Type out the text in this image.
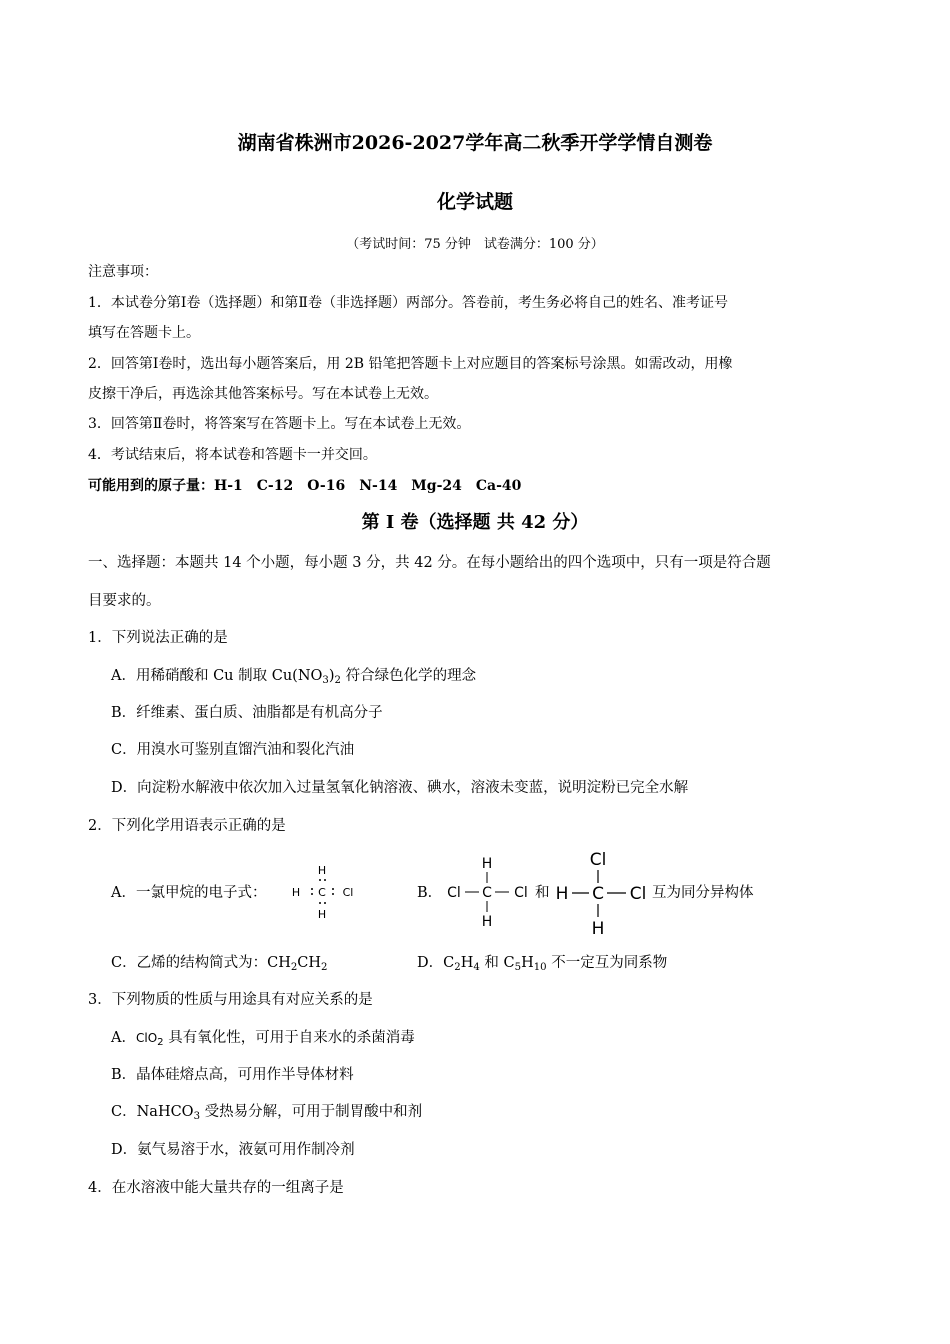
湖南省株洲市2026-2027学年高二秋季开学学情自测卷
化学试题
（考试时间：75 分钟　试卷满分：100 分）
注意事项：
1．本试卷分第Ⅰ卷（选择题）和第Ⅱ卷（非选择题）两部分。答卷前，考生务必将自己的姓名、准考证号
填写在答题卡上。
2．回答第Ⅰ卷时，选出每小题答案后，用 2B 铅笔把答题卡上对应题目的答案标号涂黑。如需改动，用橡
皮擦干净后，再选涂其他答案标号。写在本试卷上无效。
3．回答第Ⅱ卷时，将答案写在答题卡上。写在本试卷上无效。
4．考试结束后，将本试卷和答题卡一并交回。
可能用到的原子量：H-1　C-12　O-16　N-14　Mg-24　Ca-40
第 I 卷（选择题 共 42 分）
一、选择题：本题共 14 个小题，每小题 3 分，共 42 分。在每小题给出的四个选项中，只有一项是符合题
目要求的。
1．下列说法正确的是
A．用稀硝酸和 Cu 制取 $Cu(NO_3)_2$ 符合绿色化学的理念
B．纤维素、蛋白质、油脂都是有机高分子
C．用溴水可鉴别直馏汽油和裂化汽油
D．向淀粉水解液中依次加入过量氢氧化钠溶液、碘水，溶液未变蓝，说明淀粉已完全水解
2．下列化学用语表示正确的是
A．一氯甲烷的电子式：
H
H C Cl
H
B．
H
Cl C Cl
H
和
Cl
H C Cl
H
互为同分异构体
C．乙烯的结构简式为：$CH_2CH_2$	D．$C_2H_4$ 和 $C_5H_{10}$ 不一定互为同系物
3．下列物质的性质与用途具有对应关系的是
A．ClO$_2$ 具有氧化性，可用于自来水的杀菌消毒
B．晶体硅熔点高，可用作半导体材料
C．NaHCO$_3$ 受热易分解，可用于制胃酸中和剂
D．氨气易溶于水，液氨可用作制冷剂
4．在水溶液中能大量共存的一组离子是
